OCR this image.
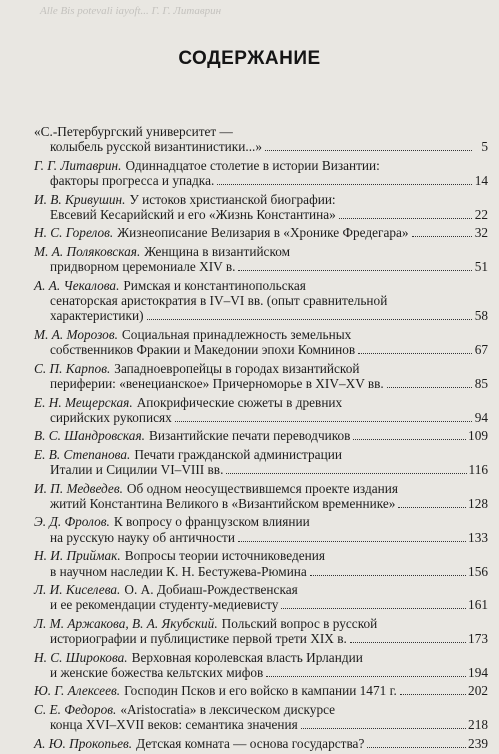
Alle Bis potevali iayoft... Г. Г. Литаврин
СОДЕРЖАНИЕ
«С.-Петербургский университет —
колыбель русской византинистики...»	5
Г. Г. Литаврин. Одиннадцатое столетие в истории Византии:
факторы прогресса и упадка.	14
И. В. Кривушин. У истоков христианской биографии:
Евсевий Кесарийский и его «Жизнь Константина»	22
Н. С. Горелов. Жизнеописание Велизария в «Хронике Фредегара»	32
М. А. Поляковская. Женщина в византийском
придворном церемониале XIV в.	51
А. А. Чекалова. Римская и константинопольская
сенаторская аристократия в IV–VI вв. (опыт сравнительной
характеристики)	58
М. А. Морозов. Социальная принадлежность земельных
собственников Фракии и Македонии эпохи Комнинов	67
С. П. Карпов. Западноевропейцы в городах византийской
периферии: «венецианское» Причерноморье в XIV–XV вв.	85
Е. Н. Мещерская. Апокрифические сюжеты в древних
сирийских рукописях	94
В. С. Шандровская. Византийские печати переводчиков	109
Е. В. Степанова. Печати гражданской администрации
Италии и Сицилии VI–VIII вв.	116
И. П. Медведев. Об одном неосуществившемся проекте издания
житий Константина Великого в «Византийском временнике»	128
Э. Д. Фролов. К вопросу о французском влиянии
на русскую науку об античности	133
Н. И. Приймак. Вопросы теории источниковедения
в научном наследии К. Н. Бестужева-Рюмина	156
Л. И. Киселева. О. А. Добиаш-Рождественская
и ее рекомендации студенту-медиевисту	161
Л. М. Аржакова, В. А. Якубский. Польский вопрос в русской
историографии и публицистике первой трети XIX в.	173
Н. С. Широкова. Верховная королевская власть Ирландии
и женские божества кельтских мифов	194
Ю. Г. Алексеев. Господин Псков и его войско в кампании 1471 г.	202
С. Е. Федоров. «Aristocratia» в лексическом дискурсе
конца XVI–XVII веков: семантика значения	218
А. Ю. Прокопьев. Детская комната — основа государства?	239
